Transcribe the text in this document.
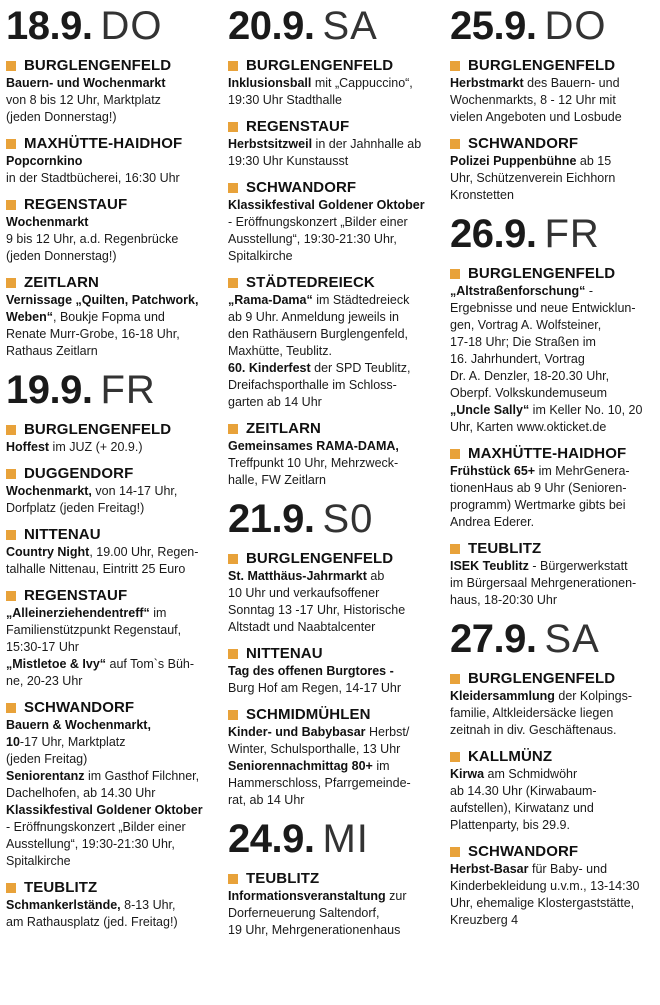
18.9. DO
BURGLENGENFELD
Bauern- und Wochenmarkt
von 8 bis 12 Uhr, Marktplatz
(jeden Donnerstag!)
MAXHÜTTE-HAIDHOF
Popcornkino
in der Stadtbücherei, 16:30 Uhr
REGENSTAUF
Wochenmarkt
9 bis 12 Uhr, a.d. Regenbrücke
(jeden Donnerstag!)
ZEITLARN
Vernissage „Quilten, Patchwork,
Weben“, Boukje Fopma und
Renate Murr-Grobe, 16-18 Uhr,
Rathaus Zeitlarn
19.9. FR
BURGLENGENFELD
Hoffest im JUZ (+ 20.9.)
DUGGENDORF
Wochenmarkt, von 14-17 Uhr,
Dorfplatz (jeden Freitag!)
NITTENAU
Country Night, 19.00 Uhr, Regen-
talhalle Nittenau, Eintritt 25 Euro
REGENSTAUF
„Alleinerziehendentreff“ im
Familienstützpunkt Regenstauf,
15:30-17 Uhr
„Mistletoe & Ivy“ auf Tom`s Büh-
ne, 20-23 Uhr
SCHWANDORF
Bauern & Wochenmarkt,
10-17 Uhr, Marktplatz
(jeden Freitag)
Seniorentanz im Gasthof Filchner,
Dachelhofen, ab 14.30 Uhr
Klassikfestival Goldener Oktober
- Eröffnungskonzert „Bilder einer
Ausstellung“, 19:30-21:30 Uhr,
Spitalkirche
TEUBLITZ
Schmankerlstände, 8-13 Uhr,
am Rathausplatz (jed. Freitag!)
20.9. SA
BURGLENGENFELD
Inklusionsball mit „Cappuccino“,
19:30 Uhr Stadthalle
REGENSTAUF
Herbstsitzweil in der Jahnhalle ab
19:30 Uhr Kunstausst
SCHWANDORF
Klassikfestival Goldener Oktober
- Eröffnungskonzert „Bilder einer
Ausstellung“, 19:30-21:30 Uhr,
Spitalkirche
STÄDTEDREIECK
„Rama-Dama“ im Städtedreieck
ab 9 Uhr. Anmeldung jeweils in
den Rathäusern Burglengenfeld,
Maxhütte, Teublitz.
60. Kinderfest der SPD Teublitz,
Dreifachsporthalle im Schloss-
garten ab 14 Uhr
ZEITLARN
Gemeinsames RAMA-DAMA,
Treffpunkt 10 Uhr, Mehrzweck-
halle, FW Zeitlarn
21.9. S0
BURGLENGENFELD
St. Matthäus-Jahrmarkt ab
10 Uhr und verkaufsoffener
Sonntag 13 -17 Uhr, Historische
Altstadt und Naabtalcenter
NITTENAU
Tag des offenen Burgtores -
Burg Hof am Regen, 14-17 Uhr
SCHMIDMÜHLEN
Kinder- und Babybasar Herbst/
Winter, Schulsporthalle, 13 Uhr
Seniorennachmittag 80+ im
Hammerschloss, Pfarrgemeinde-
rat, ab 14 Uhr
24.9. MI
TEUBLITZ
Informationsveranstaltung zur
Dorferneuerung Saltendorf,
19 Uhr, Mehrgenerationenhaus
25.9. DO
BURGLENGENFELD
Herbstmarkt des Bauern- und
Wochenmarkts, 8 - 12 Uhr mit
vielen Angeboten und Losbude
SCHWANDORF
Polizei Puppenbühne ab 15
Uhr, Schützenverein Eichhorn
Kronstetten
26.9. FR
BURGLENGENFELD
„Altstraßenforschung“ -
Ergebnisse und neue Entwicklun-
gen, Vortrag A. Wolfsteiner,
17-18 Uhr; Die Straßen im
16. Jahrhundert, Vortrag
Dr. A. Denzler, 18-20.30 Uhr,
Oberpf. Volkskundemuseum
„Uncle Sally“ im Keller No. 10, 20
Uhr, Karten www.okticket.de
MAXHÜTTE-HAIDHOF
Frühstück 65+ im MehrGenera-
tionenHaus ab 9 Uhr (Senioren-
programm) Wertmarke gibts bei
Andrea Ederer.
TEUBLITZ
ISEK Teublitz - Bürgerwerkstatt
im Bürgersaal Mehrgenerationen-
haus, 18-20:30 Uhr
27.9. SA
BURGLENGENFELD
Kleidersammlung der Kolpings-
familie, Altkleidersäcke liegen
zeitnah in div. Geschäftenaus.
KALLMÜNZ
Kirwa am Schmidwöhr
ab 14.30 Uhr (Kirwabaum-
aufstellen), Kirwatanz und
Plattenparty, bis 29.9.
SCHWANDORF
Herbst-Basar für Baby- und
Kinderbekleidung u.v.m., 13-14:30
Uhr, ehemalige Klostergaststätte,
Kreuzberg 4
